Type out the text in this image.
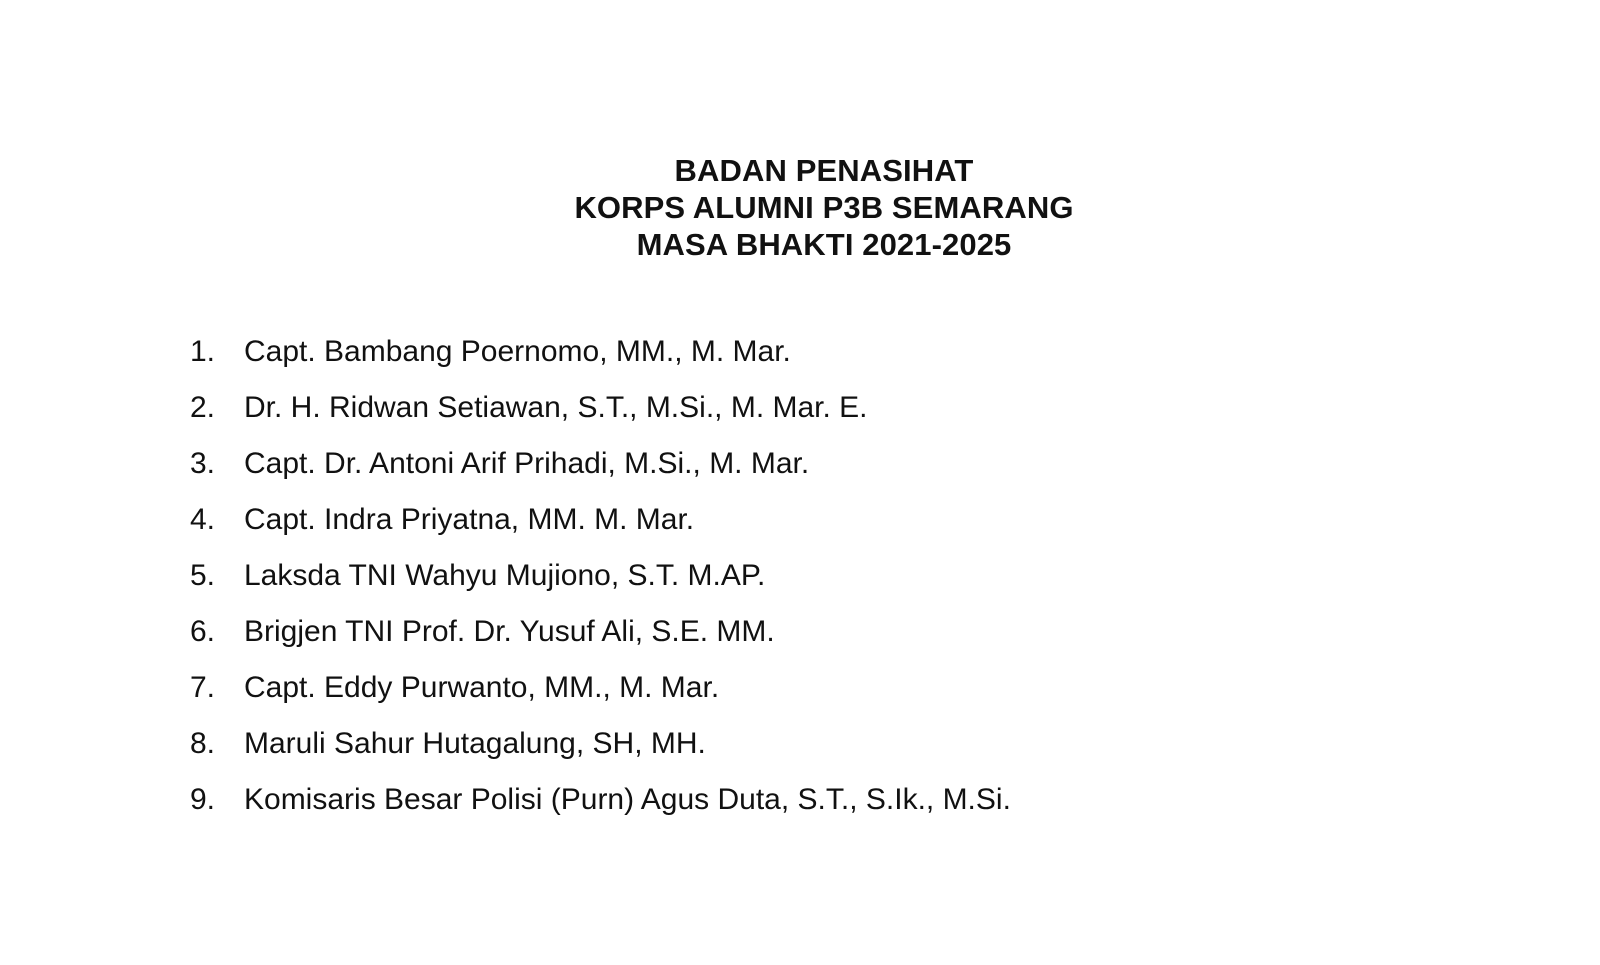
BADAN PENASIHAT
KORPS ALUMNI P3B SEMARANG
MASA BHAKTI 2021-2025
1. Capt. Bambang Poernomo, MM., M. Mar.
2. Dr. H. Ridwan Setiawan, S.T., M.Si., M. Mar. E.
3. Capt. Dr. Antoni Arif Prihadi, M.Si., M. Mar.
4. Capt. Indra Priyatna, MM. M. Mar.
5. Laksda TNI Wahyu Mujiono, S.T. M.AP.
6. Brigjen TNI Prof. Dr. Yusuf Ali, S.E. MM.
7. Capt. Eddy Purwanto, MM., M. Mar.
8. Maruli Sahur Hutagalung, SH, MH.
9. Komisaris Besar Polisi (Purn) Agus Duta, S.T., S.Ik., M.Si.
